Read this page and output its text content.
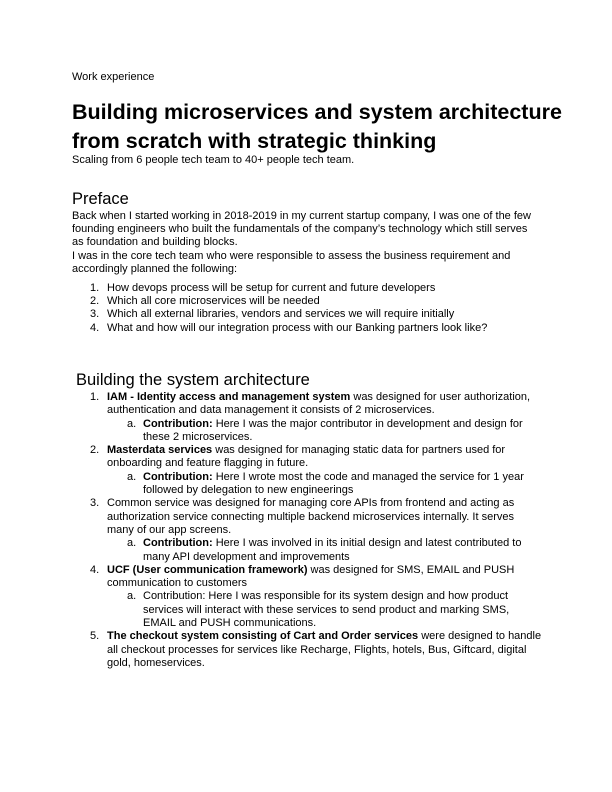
Work experience
Building microservices and system architecture
from scratch with strategic thinking
Scaling from 6 people tech team to 40+ people tech team.
Preface

Back when I started working in 2018-2019 in my current startup company, I was one of the few founding engineers who built the fundamentals of the company’s technology which still serves as foundation and building blocks.

I was in the core tech team who were responsible to assess the business requirement and accordingly planned the following:

1. How devops process will be setup for current and future developers
2. Which all core microservices will be needed
3. Which all external libraries, vendors and services we will require initially
4. What and how will our integration process with our Banking partners look like?
Building the system architecture
1. IAM - Identity access and management system was designed for user authorization, authentication and data management it consists of 2 microservices.
a. Contribution: Here I was the major contributor in development and design for these 2 microservices.
2. Masterdata services was designed for managing static data for partners used for onboarding and feature flagging in future.
a. Contribution: Here I wrote most the code and managed the service for 1 year followed by delegation to new engineerings
3. Common service was designed for managing core APIs from frontend and acting as authorization service connecting multiple backend microservices internally. It serves many of our app screens.
a. Contribution: Here I was involved in its initial design and latest contributed to many API development and improvements
4. UCF (User communication framework) was designed for SMS, EMAIL and PUSH communication to customers
a. Contribution: Here I was responsible for its system design and how product services will interact with these services to send product and marking SMS, EMAIL and PUSH communications.
5. The checkout system consisting of Cart and Order services were designed to handle all checkout processes for services like Recharge, Flights, hotels, Bus, Giftcard, digital gold, homeservices.
